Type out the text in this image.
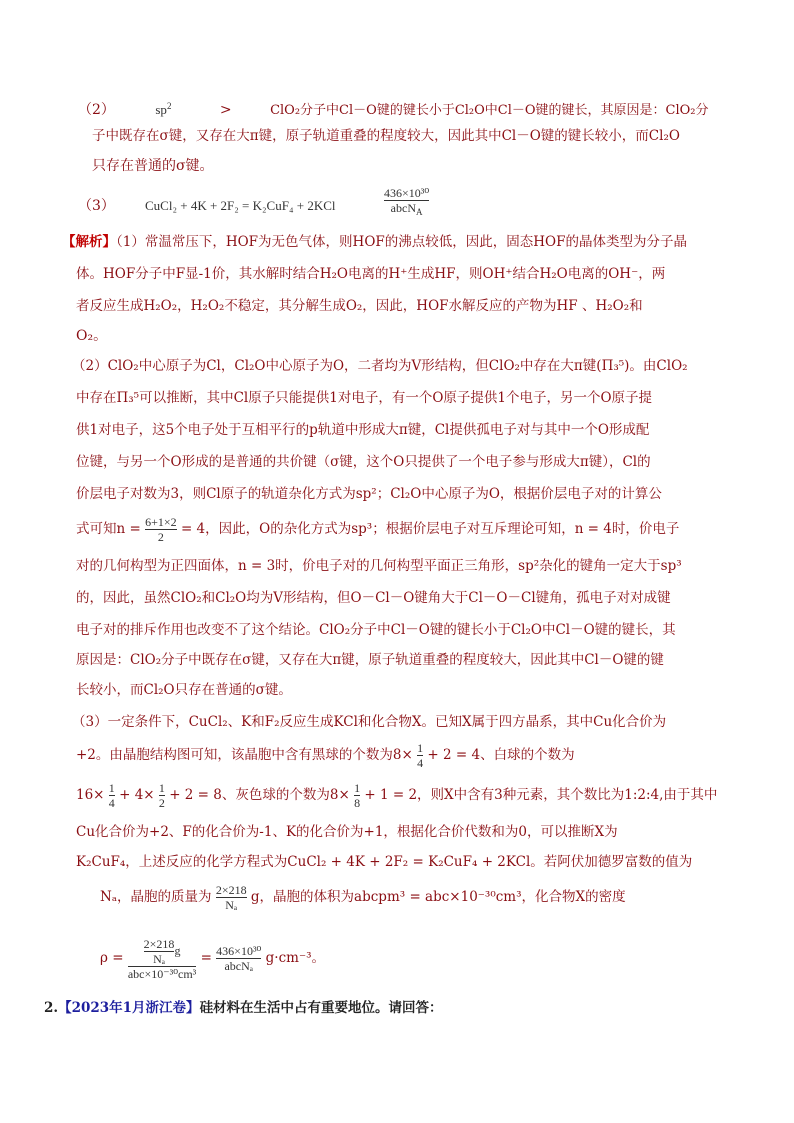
（2）	$sp^2$	>	ClO₂分子中Cl－O键的键长小于Cl₂O中Cl－O键的键长，其原因是：ClO₂分
子中既存在σ键，又存在大π键，原子轨道重叠的程度较大，因此其中Cl－O键的键长较小，而Cl₂O
只存在普通的σ键。
（3） CuCl₂ + 4K + 2F₂ = K₂CuF₄ + 2KCl
436×10³⁰
abcN$_A$
【解析】（1）常温常压下，HOF为无色气体，则HOF的沸点较低，因此，固态HOF的晶体类型为分子晶
体。HOF分子中F显-1价，其水解时结合H₂O电离的H⁺生成HF，则OH⁺结合H₂O电离的OH⁻，两
者反应生成H₂O₂，H₂O₂不稳定，其分解生成O₂，因此，HOF水解反应的产物为HF 、H₂O₂和
O₂。
（2）ClO₂中心原子为Cl，Cl₂O中心原子为O，二者均为V形结构，但ClO₂中存在大π键(Π₃⁵)。由ClO₂
中存在Π₃⁵可以推断，其中Cl原子只能提供1对电子，有一个O原子提供1个电子，另一个O原子提
供1对电子，这5个电子处于互相平行的p轨道中形成大π键，Cl提供孤电子对与其中一个O形成配
位键，与另一个O形成的是普通的共价键（σ键，这个O只提供了一个电子参与形成大π键），Cl的
价层电子对数为3，则Cl原子的轨道杂化方式为sp²；Cl₂O中心原子为O，根据价层电子对的计算公
式可知$n = \frac{6+1\times 2}{2} = 4$，因此，O的杂化方式为sp³；根据价层电子对互斥理论可知，n = 4时，价电子
对的几何构型为正四面体，n = 3时，价电子对的几何构型平面正三角形，sp²杂化的键角一定大于sp³
的，因此，虽然ClO₂和Cl₂O均为V形结构，但O－Cl－O键角大于Cl－O－Cl键角，孤电子对对成键
电子对的排斥作用也改变不了这个结论。ClO₂分子中Cl－O键的键长小于Cl₂O中Cl－O键的键长，其
原因是：ClO₂分子中既存在σ键，又存在大π键，原子轨道重叠的程度较大，因此其中Cl－O键的键
长较小，而Cl₂O只存在普通的σ键。
（3）一定条件下，CuCl₂、K和F₂反应生成KCl和化合物X。已知X属于四方晶系，其中Cu化合价为
+2。由晶胞结构图可知，该晶胞中含有黑球的个数为$8\times \frac{1}{4} + 2 = 4$、白球的个数为
$16\times \frac{1}{4} + 4\times \frac{1}{2} + 2 = 8$、灰色球的个数为$8\times \frac{1}{8} + 1 = 2$，则X中含有3种元素，其个数比为1:2:4,由于其中
Cu化合价为+2、F的化合价为-1、K的化合价为+1，根据化合价代数和为0，可以推断X为
K₂CuF₄，上述反应的化学方程式为CuCl₂ + 4K + 2F₂ = K₂CuF₄ + 2KCl。若阿伏加德罗富数的值为
Nₐ，晶胞的质量为 $\frac{2\times 218}{\text{Nₐ}}$ g，晶胞的体积为abcpm³ = abc×10⁻³⁰cm³，化合物X的密度
$\rho = \frac{\frac{2\times 218}{\text{Nₐ}} g}{\text{abc×10⁻³⁰cm³}} = \frac{\text{436×10³⁰}}{\text{abcNₐ}} g\cdot cm^{-3}$。
2.【2023年1月浙江卷】硅材料在生活中占有重要地位。请回答：
